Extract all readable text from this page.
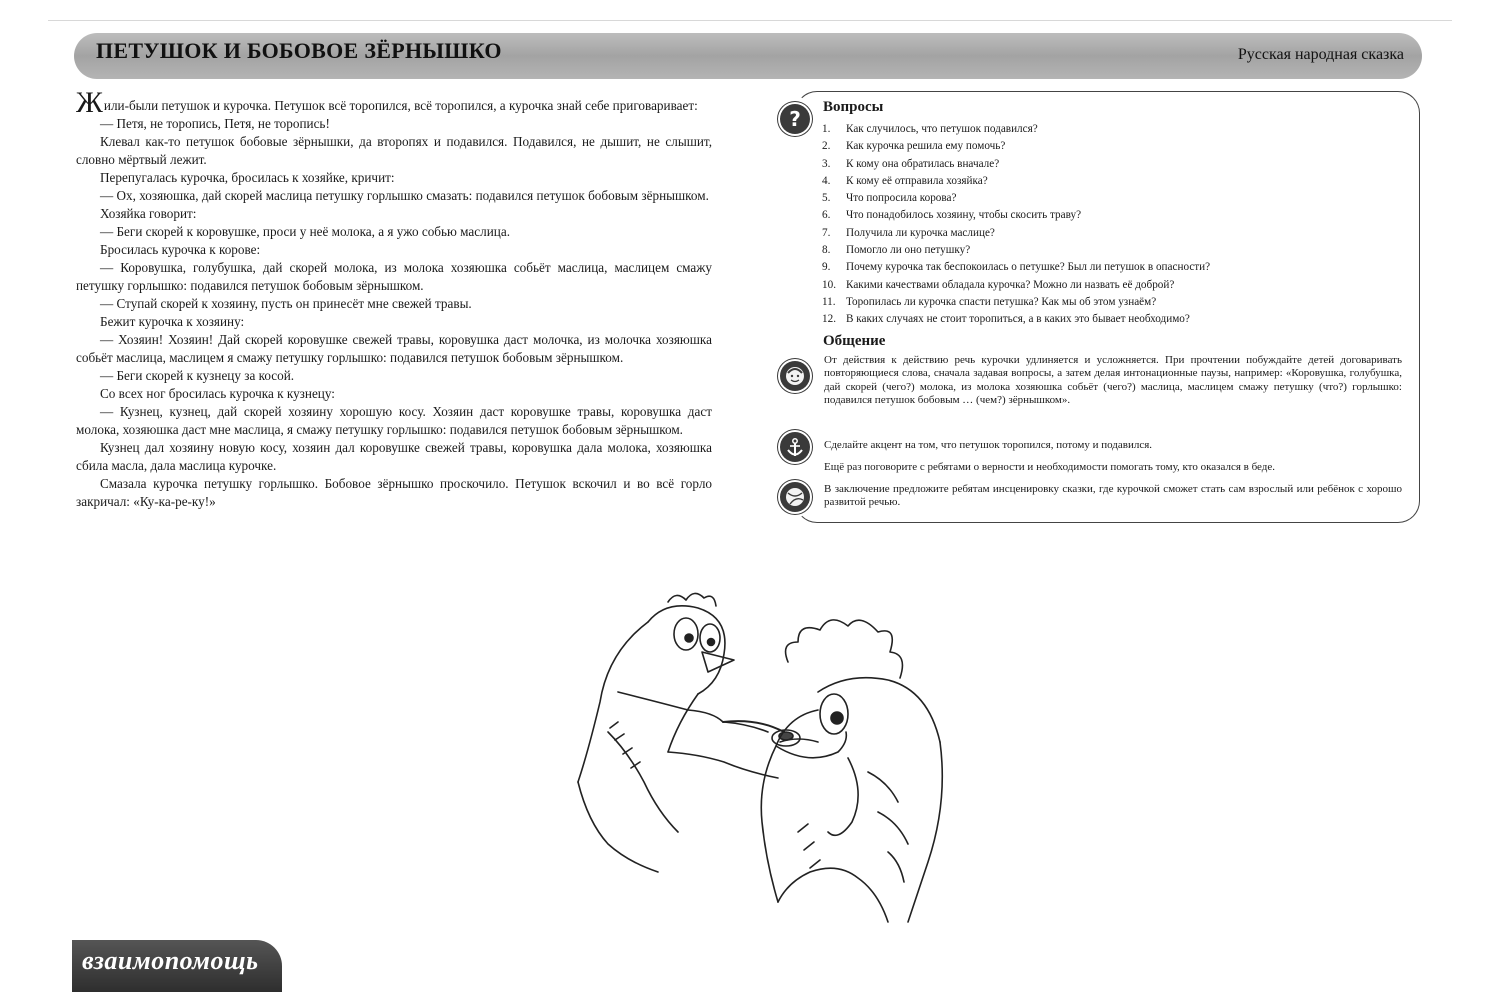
ПЕТУШОК И БОБОВОЕ ЗЁРНЫШКО	Русская народная сказка

Жили-были петушок и курочка. Петушок всё торопился, всё торопился, а курочка знай себе приговаривает:

— Петя, не торопись, Петя, не торопись!

Клевал как-то петушок бобовые зёрнышки, да второпях и подавился. Подавился, не дышит, не слышит, словно мёртвый лежит.

Перепугалась курочка, бросилась к хозяйке, кричит:

— Ох, хозяюшка, дай скорей маслица петушку горлышко смазать: подавился петушок бобовым зёрнышком.

Хозяйка говорит:

— Беги скорей к коровушке, проси у неё молока, а я ужо собью маслица.

Бросилась курочка к корове:

— Коровушка, голубушка, дай скорей молока, из молока хозяюшка собьёт маслица, маслицем смажу петушку горлышко: подавился петушок бобовым зёрнышком.

— Ступай скорей к хозяину, пусть он принесёт мне свежей травы.

Бежит курочка к хозяину:

— Хозяин! Хозяин! Дай скорей коровушке свежей травы, коровушка даст молочка, из молочка хозяюшка собьёт маслица, маслицем я смажу петушку горлышко: подавился петушок бобовым зёрнышком.

— Беги скорей к кузнецу за косой.

Со всех ног бросилась курочка к кузнецу:

— Кузнец, кузнец, дай скорей хозяину хорошую косу. Хозяин даст коровушке травы, коровушка даст молока, хозяюшка даст мне маслица, я смажу петушку горлышко: подавился петушок бобовым зёрнышком.

Кузнец дал хозяину новую косу, хозяин дал коровушке свежей травы, коровушка дала молока, хозяюшка сбила масла, дала маслица курочке.

Смазала курочка петушку горлышко. Бобовое зёрнышко проскочило. Петушок вскочил и во всё горло закричал: «Ку-ка-ре-ку!»

?	Вопросы
1. Как случилось, что петушок подавился?
2. Как курочка решила ему помочь?
3. К кому она обратилась вначале?
4. К кому её отправила хозяйка?
5. Что попросила корова?
6. Что понадобилось хозяину, чтобы скосить траву?
7. Получила ли курочка маслице?
8. Помогло ли оно петушку?
9. Почему курочка так беспокоилась о петушке? Был ли петушок в опасности?
10. Какими качествами обладала курочка? Можно ли назвать её доброй?
11. Торопилась ли курочка спасти петушка? Как мы об этом узнаём?
12. В каких случаях не стоит торопиться, а в каких это бывает необходимо?
Общение
От действия к действию речь курочки удлиняется и усложняется. При прочтении побуждайте детей договаривать повторяющиеся слова, сначала задавая вопросы, а затем делая интонационные паузы, например: «Коровушка, голубушка, дай скорей (чего?) молока, из молока хозяюшка собьёт (чего?) маслица, маслицем смажу петушку (что?) горлышко: подавился петушок бобовым … (чем?) зёрнышком».
Сделайте акцент на том, что петушок торопился, потому и подавился.
Ещё раз поговорите с ребятами о верности и необходимости помогать тому, кто оказался в беде.
В заключение предложите ребятам инсценировку сказки, где курочкой сможет стать сам взрослый или ребёнок с хорошо развитой речью.
взаимопомощь
